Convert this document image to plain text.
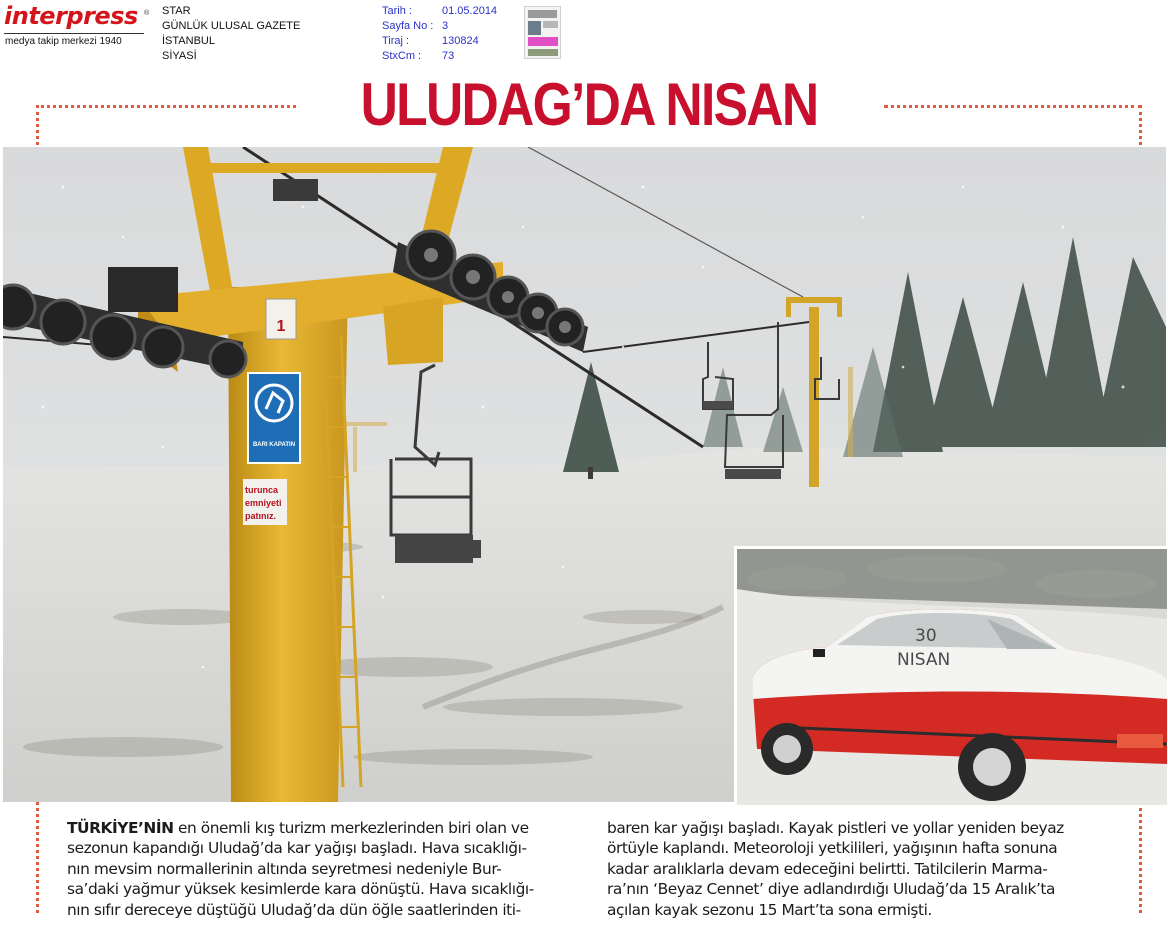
interpress ®
medya takip merkezi 1940
STAR
GÜNLÜK ULUSAL GAZETE
İSTANBUL
SİYASİ
Tarih :	01.05.2014
Sayfa No : 3
Tiraj :	130824
StxCm : 73
ULUDAG’DA NISAN
1
BARI KAPATIN
turunca
emniyeti
patınız.
30
NISAN

TÜRKİYE’NİN en önemli kış turizm merkezlerinden biri olan ve

sezonun kapandığı Uludağ’da kar yağışı başladı. Hava sıcaklığı-

nın mevsim normallerinin altında seyretmesi nedeniyle Bur-

sa’daki yağmur yüksek kesimlerde kara dönüştü. Hava sıcaklığı-

nın sıfır dereceye düştüğü Uludağ’da dün öğle saatlerinden iti-

baren kar yağışı başladı. Kayak pistleri ve yollar yeniden beyaz

örtüyle kaplandı. Meteoroloji yetkilileri, yağışının hafta sonuna

kadar aralıklarla devam edeceğini belirtti. Tatilcilerin Marma-

ra’nın ‘Beyaz Cennet’ diye adlandırdığı Uludağ’da 15 Aralık’ta

açılan kayak sezonu 15 Mart’ta sona ermişti.
